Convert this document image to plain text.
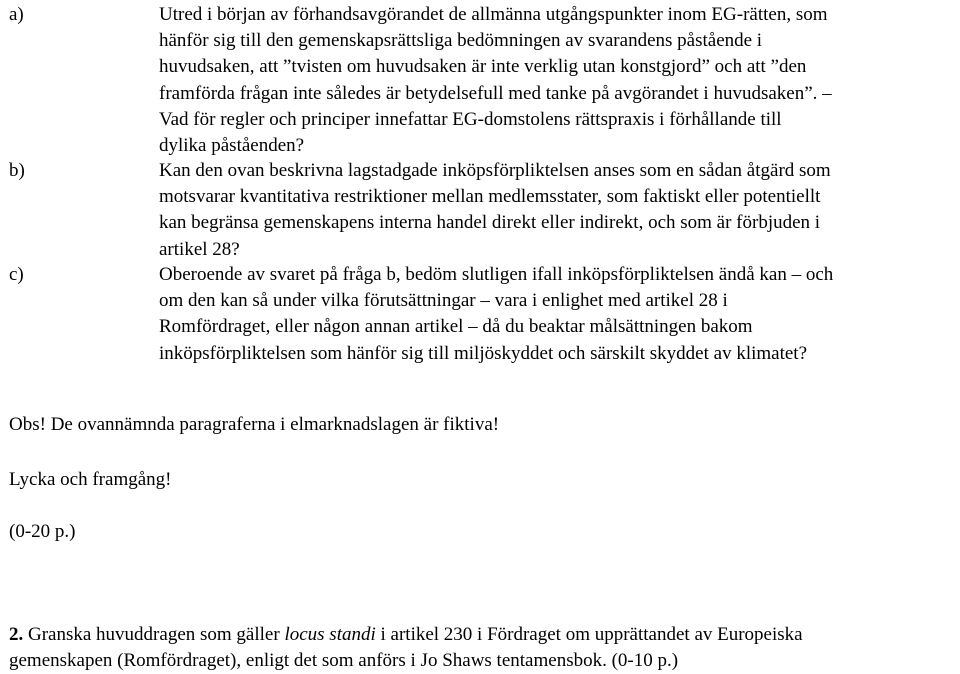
a)	Utred i början av förhandsavgörandet de allmänna utgångspunkter inom EG-rätten, som
hänför sig till den gemenskapsrättsliga bedömningen av svarandens påstående i
huvudsaken, att ”tvisten om huvudsaken är inte verklig utan konstgjord” och att ”den
framförda frågan inte således är betydelsefull med tanke på avgörandet i huvudsaken”. –
Vad för regler och principer innefattar EG-domstolens rättspraxis i förhållande till
dylika påståenden?
b)	Kan den ovan beskrivna lagstadgade inköpsförpliktelsen anses som en sådan åtgärd som
motsvarar kvantitativa restriktioner mellan medlemsstater, som faktiskt eller potentiellt
kan begränsa gemenskapens interna handel direkt eller indirekt, och som är förbjuden i
artikel 28?
c)	Oberoende av svaret på fråga b, bedöm slutligen ifall inköpsförpliktelsen ändå kan – och
om den kan så under vilka förutsättningar – vara i enlighet med artikel 28 i
Romfördraget, eller någon annan artikel – då du beaktar målsättningen bakom
inköpsförpliktelsen som hänför sig till miljöskyddet och särskilt skyddet av klimatet?
Obs! De ovannämnda paragraferna i elmarknadslagen är fiktiva!
Lycka och framgång!
(0-20 p.)
2. Granska huvuddragen som gäller locus standi i artikel 230 i Fördraget om upprättandet av Europeiska
gemenskapen (Romfördraget), enligt det som anförs i Jo Shaws tentamensbok. (0-10 p.)
